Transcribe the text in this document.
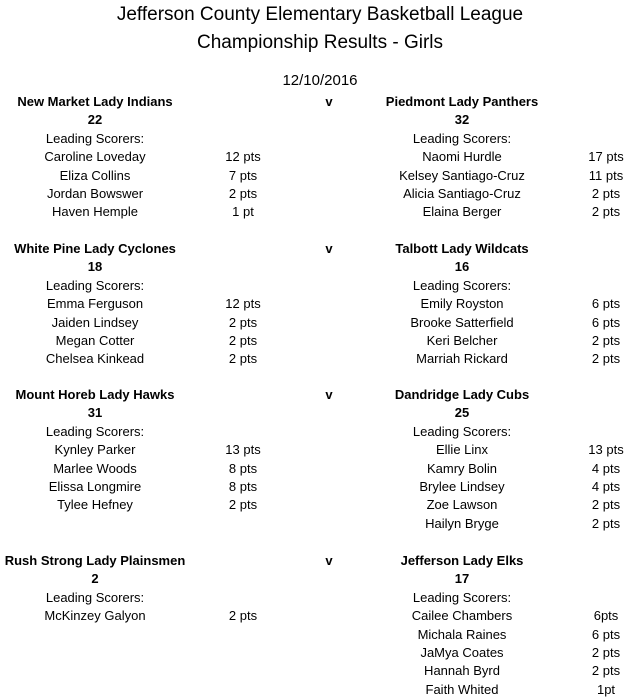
Jefferson County Elementary Basketball League
Championship Results - Girls
12/10/2016
New Market Lady Indians
22
Leading Scorers:
Caroline Loveday	12 pts
Eliza Collins	7 pts
Jordan Bowswer	2 pts
Haven Hemple	1 pt
Piedmont Lady Panthers
32
Leading Scorers:
Naomi Hurdle	17 pts
Kelsey Santiago-Cruz	11 pts
Alicia Santiago-Cruz	2 pts
Elaina Berger	2 pts
v
White Pine Lady Cyclones
18
Leading Scorers:
Emma Ferguson	12 pts
Jaiden Lindsey	2 pts
Megan Cotter	2 pts
Chelsea Kinkead	2 pts
Talbott Lady Wildcats
16
Leading Scorers:
Emily Royston	6 pts
Brooke Satterfield	6 pts
Keri Belcher	2 pts
Marriah Rickard	2 pts
v
Mount Horeb Lady Hawks
31
Leading Scorers:
Kynley Parker	13 pts
Marlee Woods	8 pts
Elissa Longmire	8 pts
Tylee Hefney	2 pts
Dandridge Lady Cubs
25
Leading Scorers:
Ellie Linx	13 pts
Kamry Bolin	4 pts
Brylee Lindsey	4 pts
Zoe Lawson	2 pts
Hailyn Bryge	2 pts
v
Rush Strong Lady Plainsmen
2
Leading Scorers:
McKinzey Galyon	2 pts
Jefferson Lady Elks
17
Leading Scorers:
Cailee Chambers	6pts
Michala Raines	6 pts
JaMya Coates	2 pts
Hannah Byrd	2 pts
Faith Whited	1pt
v
